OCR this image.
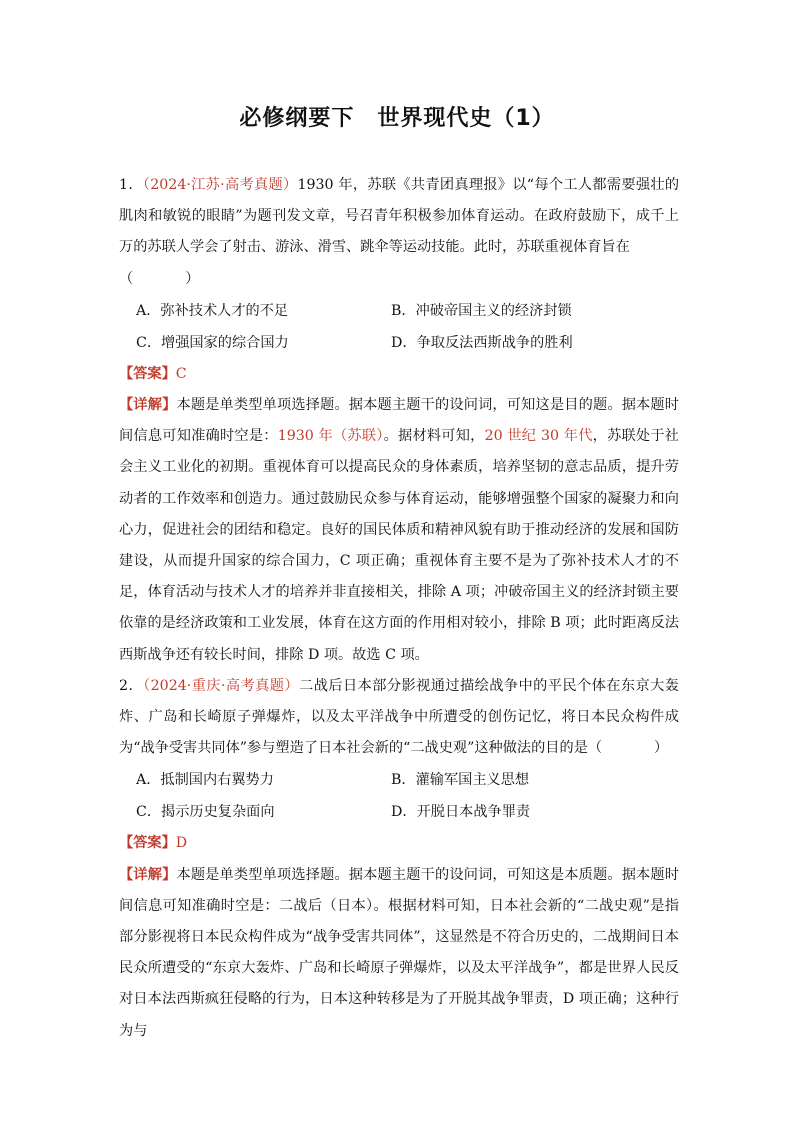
必修纲要下　世界现代史（1）

1．（2024·江苏·高考真题）1930 年，苏联《共青团真理报》以“每个工人都需要强壮的肌肉和敏锐的眼睛”为题刊发文章，号召青年积极参加体育运动。在政府鼓励下，成千上万的苏联人学会了射击、游泳、滑雪、跳伞等运动技能。此时，苏联重视体育旨在

（	）

A．弥补技术人才的不足	B．冲破帝国主义的经济封锁
C．增强国家的综合国力	D．争取反法西斯战争的胜利

【答案】C

【详解】本题是单类型单项选择题。据本题主题干的设问词，可知这是目的题。据本题时间信息可知准确时空是：1930 年（苏联）。据材料可知，20 世纪 30 年代，苏联处于社会主义工业化的初期。重视体育可以提高民众的身体素质，培养坚韧的意志品质，提升劳动者的工作效率和创造力。通过鼓励民众参与体育运动，能够增强整个国家的凝聚力和向心力，促进社会的团结和稳定。良好的国民体质和精神风貌有助于推动经济的发展和国防建设，从而提升国家的综合国力，C 项正确；重视体育主要不是为了弥补技术人才的不足，体育活动与技术人才的培养并非直接相关，排除 A 项；冲破帝国主义的经济封锁主要依靠的是经济政策和工业发展，体育在这方面的作用相对较小，排除 B 项；此时距离反法西斯战争还有较长时间，排除 D 项。故选 C 项。

2．（2024·重庆·高考真题）二战后日本部分影视通过描绘战争中的平民个体在东京大轰炸、广岛和长崎原子弹爆炸，以及太平洋战争中所遭受的创伤记忆，将日本民众构件成为“战争受害共同体”参与塑造了日本社会新的“二战史观”这种做法的目的是（	）

A．抵制国内右翼势力	B．灌输军国主义思想
C．揭示历史复杂面向	D．开脱日本战争罪责

【答案】D

【详解】本题是单类型单项选择题。据本题主题干的设问词，可知这是本质题。据本题时间信息可知准确时空是：二战后（日本）。根据材料可知，日本社会新的“二战史观”是指部分影视将日本民众构件成为“战争受害共同体”，这显然是不符合历史的，二战期间日本民众所遭受的“东京大轰炸、广岛和长崎原子弹爆炸，以及太平洋战争”，都是世界人民反对日本法西斯疯狂侵略的行为，日本这种转移是为了开脱其战争罪责，D 项正确；这种行为与
